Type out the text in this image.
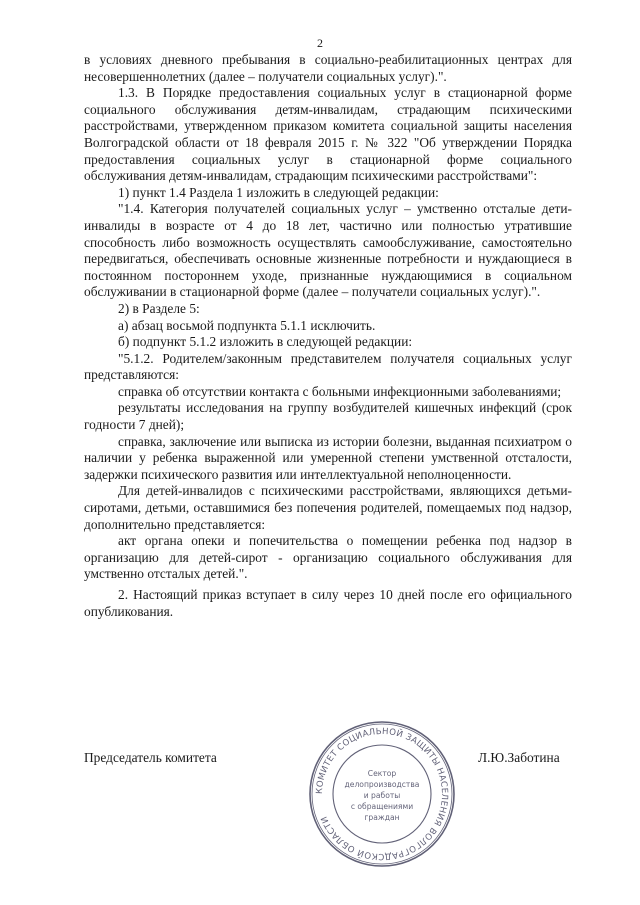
2

в условиях дневного пребывания в социально-реабилитационных центрах для несовершеннолетних (далее – получатели социальных услуг).".

1.3. В Порядке предоставления социальных услуг в стационарной форме социального обслуживания детям-инвалидам, страдающим психическими расстройствами, утвержденном приказом комитета социальной защиты населения Волгоградской области от 18 февраля 2015 г. № 322 "Об утверждении Порядка предоставления социальных услуг в стационарной форме социального обслуживания детям-инвалидам, страдающим психическими расстройствами":

1) пункт 1.4 Раздела 1 изложить в следующей редакции:

"1.4. Категория получателей социальных услуг – умственно отсталые дети-инвалиды в возрасте от 4 до 18 лет, частично или полностью утратившие способность либо возможность осуществлять самообслуживание, самостоятельно передвигаться, обеспечивать основные жизненные потребности и нуждающиеся в постоянном постороннем уходе, признанные нуждающимися в социальном обслуживании в стационарной форме (далее – получатели социальных услуг).".

2) в Разделе 5:

а) абзац восьмой подпункта 5.1.1 исключить.

б) подпункт 5.1.2 изложить в следующей редакции:

"5.1.2. Родителем/законным представителем получателя социальных услуг представляются:

справка об отсутствии контакта с больными инфекционными заболеваниями;

результаты исследования на группу возбудителей кишечных инфекций (срок годности 7 дней);

справка, заключение или выписка из истории болезни, выданная психиатром о наличии у ребенка выраженной или умеренной степени умственной отсталости, задержки психического развития или интеллектуальной неполноценности.

Для детей-инвалидов с психическими расстройствами, являющихся детьми-сиротами, детьми, оставшимися без попечения родителей, помещаемых под надзор, дополнительно представляется:

акт органа опеки и попечительства о помещении ребенка под надзор в организацию для детей-сирот - организацию социального обслуживания для умственно отсталых детей.".

2. Настоящий приказ вступает в силу через 10 дней после его официального опубликования.

Председатель комитета	Л.Ю.Заботина
КОМИТЕТ СОЦИАЛЬНОЙ ЗАЩИТЫ НАСЕЛЕНИЯ ВОЛГОГРАДСКОЙ ОБЛАСТИ
Сектор
делопроизводства
и работы
с обращениями
граждан
